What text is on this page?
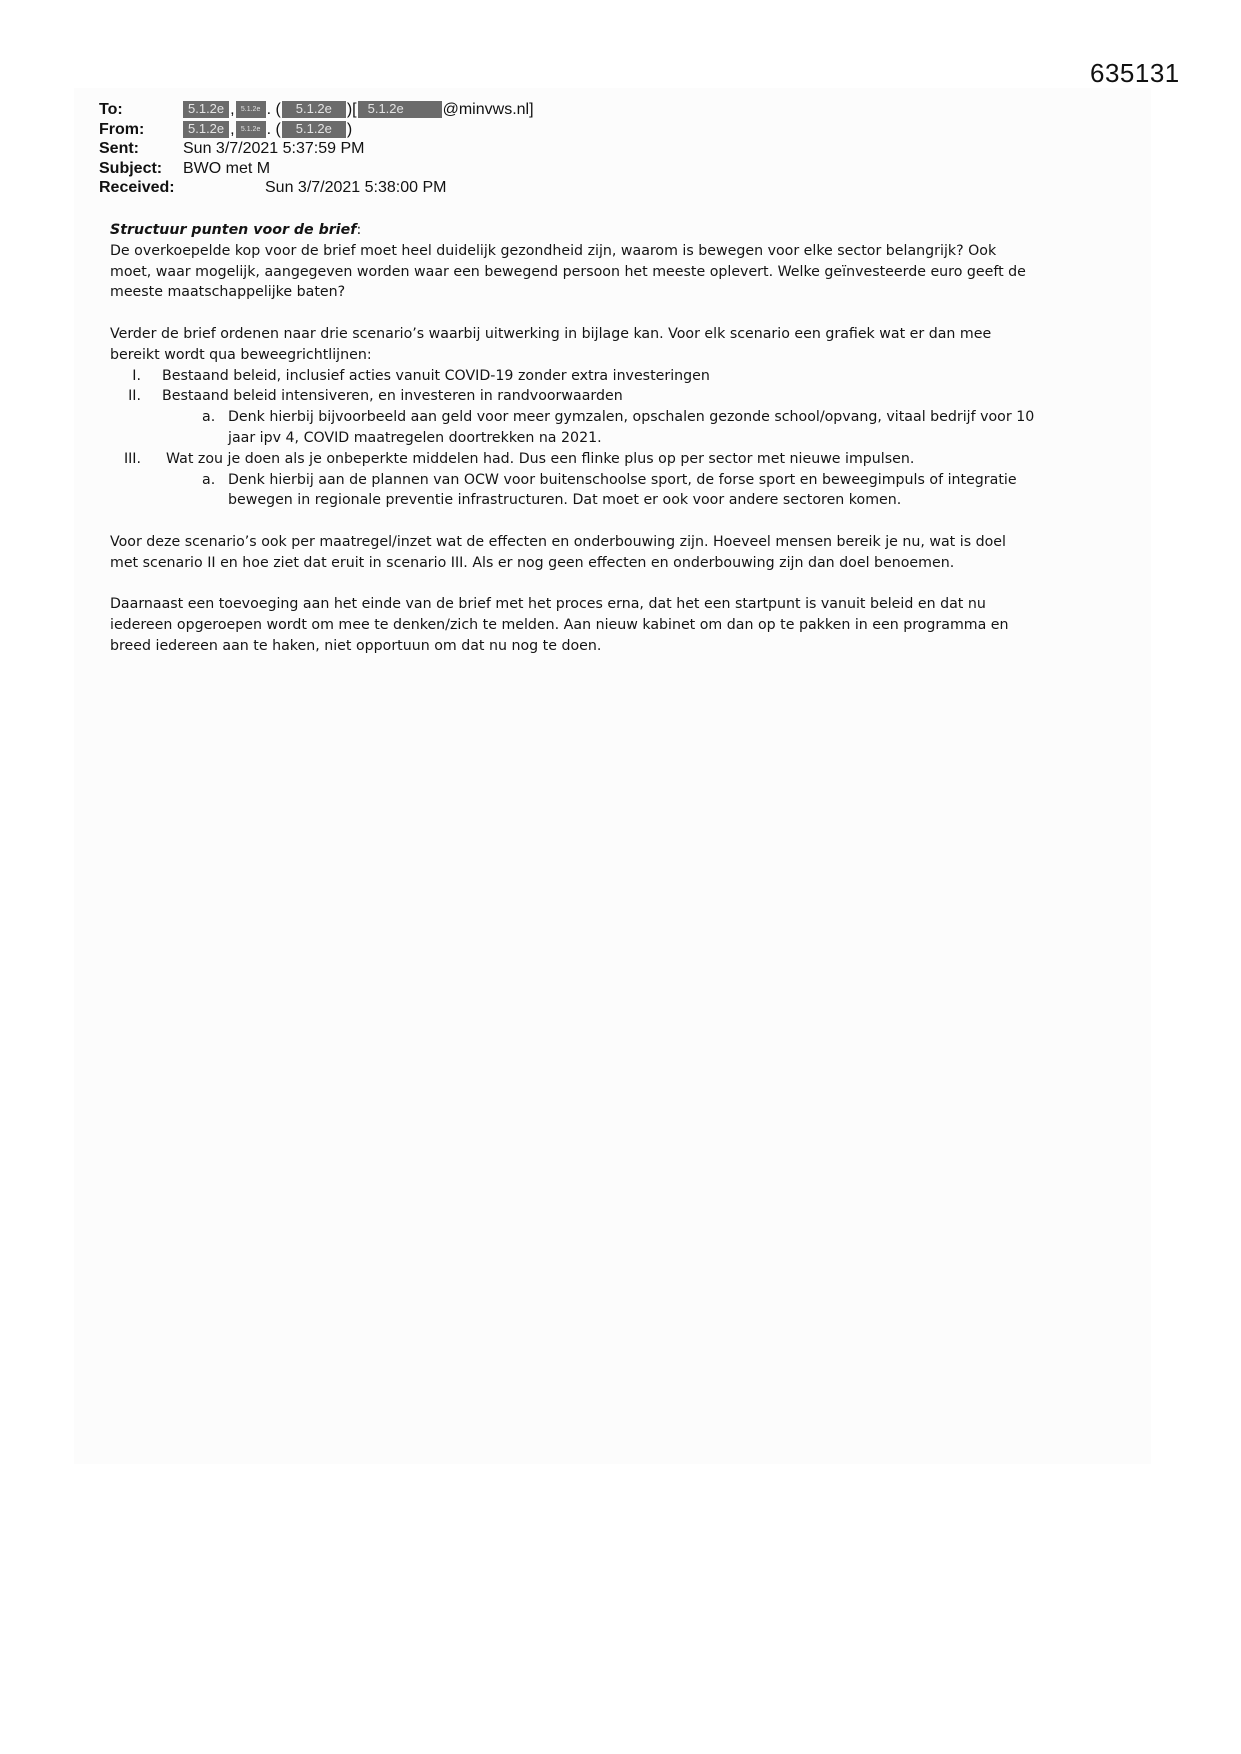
635131
To:	5.1.2e , 5.1.2e . (	5.1.2e )[ 5.1.2e	@minvws.nl]
From:	5.1.2e , 5.1.2e . (	5.1.2e )
Sent:	Sun 3/7/2021 5:37:59 PM
Subject:	BWO met M
Received:	Sun 3/7/2021 5:38:00 PM

Structuur punten voor de brief:

De overkoepelde kop voor de brief moet heel duidelijk gezondheid zijn, waarom is bewegen voor elke sector belangrijk? Ook

moet, waar mogelijk, aangegeven worden waar een bewegend persoon het meeste oplevert. Welke geïnvesteerde euro geeft de

meeste maatschappelijke baten?

Verder de brief ordenen naar drie scenario’s waarbij uitwerking in bijlage kan. Voor elk scenario een grafiek wat er dan mee

bereikt wordt qua beweegrichtlijnen:

I.	Bestaand beleid, inclusief acties vanuit COVID-19 zonder extra investeringen
II.	Bestaand beleid intensiveren, en investeren in randvoorwaarden
a. Denk hierbij bijvoorbeeld aan geld voor meer gymzalen, opschalen gezonde school/opvang, vitaal bedrijf voor 10
jaar ipv 4, COVID maatregelen doortrekken na 2021.
III.	Wat zou je doen als je onbeperkte middelen had. Dus een flinke plus op per sector met nieuwe impulsen.
a. Denk hierbij aan de plannen van OCW voor buitenschoolse sport, de forse sport en beweegimpuls of integratie
bewegen in regionale preventie infrastructuren. Dat moet er ook voor andere sectoren komen.

Voor deze scenario’s ook per maatregel/inzet wat de effecten en onderbouwing zijn. Hoeveel mensen bereik je nu, wat is doel

met scenario II en hoe ziet dat eruit in scenario III. Als er nog geen effecten en onderbouwing zijn dan doel benoemen.

Daarnaast een toevoeging aan het einde van de brief met het proces erna, dat het een startpunt is vanuit beleid en dat nu

iedereen opgeroepen wordt om mee te denken/zich te melden. Aan nieuw kabinet om dan op te pakken in een programma en

breed iedereen aan te haken, niet opportuun om dat nu nog te doen.
